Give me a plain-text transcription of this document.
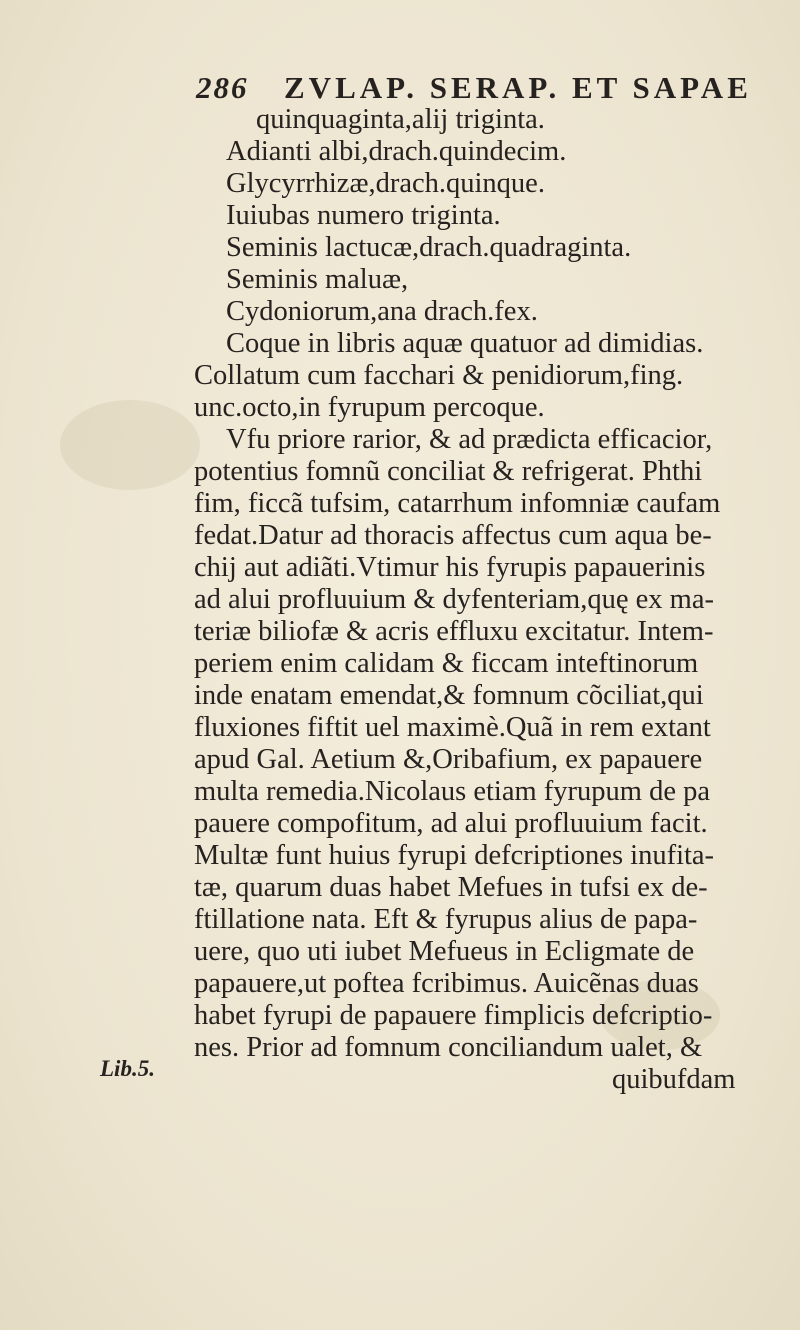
286 ZVLAP. SERAP. ET SAPAE
Lib.5.
quinquaginta,alij triginta.
Adianti albi,drach.quindecim.
Glycyrrhizæ,drach.quinque.
Iuiubas numero triginta.
Seminis lactucæ,drach.quadraginta.
Seminis maluæ,
Cydoniorum,ana drach.fex.
Coque in libris aquæ quatuor ad dimidias.
Collatum cum facchari & penidiorum,fing.
unc.octo,in fyrupum percoque.
Vfu priore rarior, & ad prædicta efficacior,
potentius fomnũ conciliat & refrigerat. Phthi
fim, ficcã tufsim, catarrhum infomniæ caufam
fedat.Datur ad thoracis affectus cum aqua be-
chij aut adiãti.Vtimur his fyrupis papauerinis
ad alui profluuium & dyfenteriam,quę ex ma-
teriæ biliofæ & acris effluxu excitatur. Intem-
periem enim calidam & ficcam inteftinorum
inde enatam emendat,& fomnum cõciliat,qui
fluxiones fiftit uel maximè.Quã in rem extant
apud Gal. Aetium &,Oribafium, ex papauere
multa remedia.Nicolaus etiam fyrupum de pa
pauere compofitum, ad alui profluuium facit.
Multæ funt huius fyrupi defcriptiones inufita-
tæ, quarum duas habet Mefues in tufsi ex de-
ftillatione nata. Eft & fyrupus alius de papa-
uere, quo uti iubet Mefueus in Ecligmate de
papauere,ut poftea fcribimus. Auicẽnas duas
habet fyrupi de papauere fimplicis defcriptio-
nes. Prior ad fomnum conciliandum ualet, &
quibufdam
